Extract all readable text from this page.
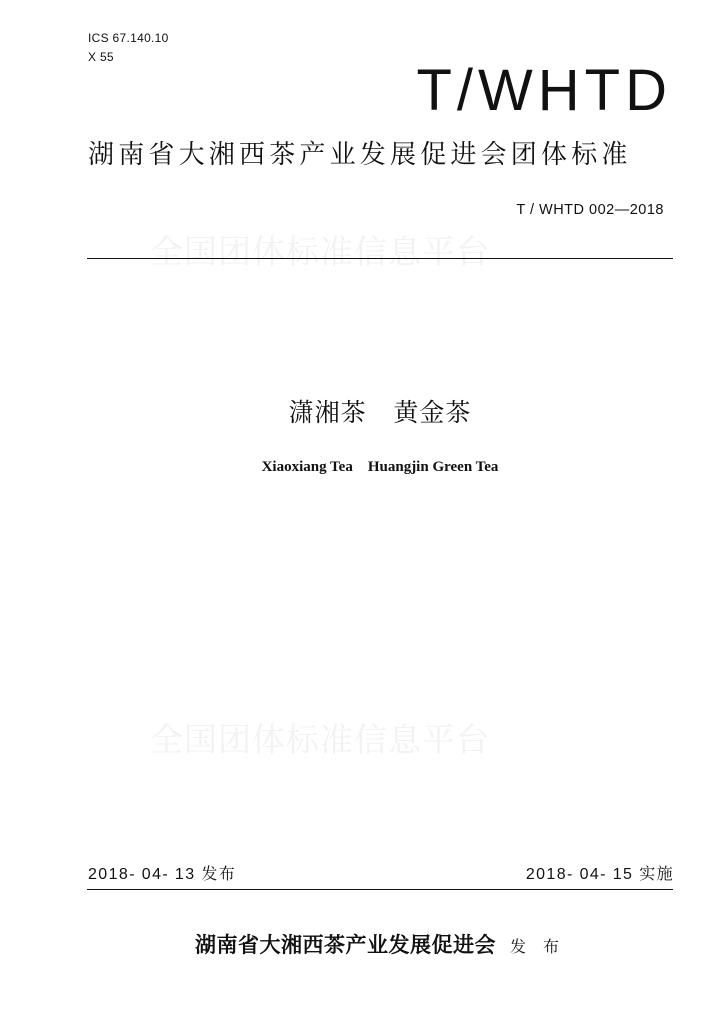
ICS 67.140.10
X 55
T/WHTD
湖南省大湘西茶产业发展促进会团体标准
T / WHTD 002—2018
全国团体标准信息平台
潇湘茶   黄金茶
Xiaoxiang Tea    Huangjin Green Tea
全国团体标准信息平台
2018- 04- 13 发布	2018- 04- 15 实施
湖南省大湘西茶产业发展促进会 发 布
